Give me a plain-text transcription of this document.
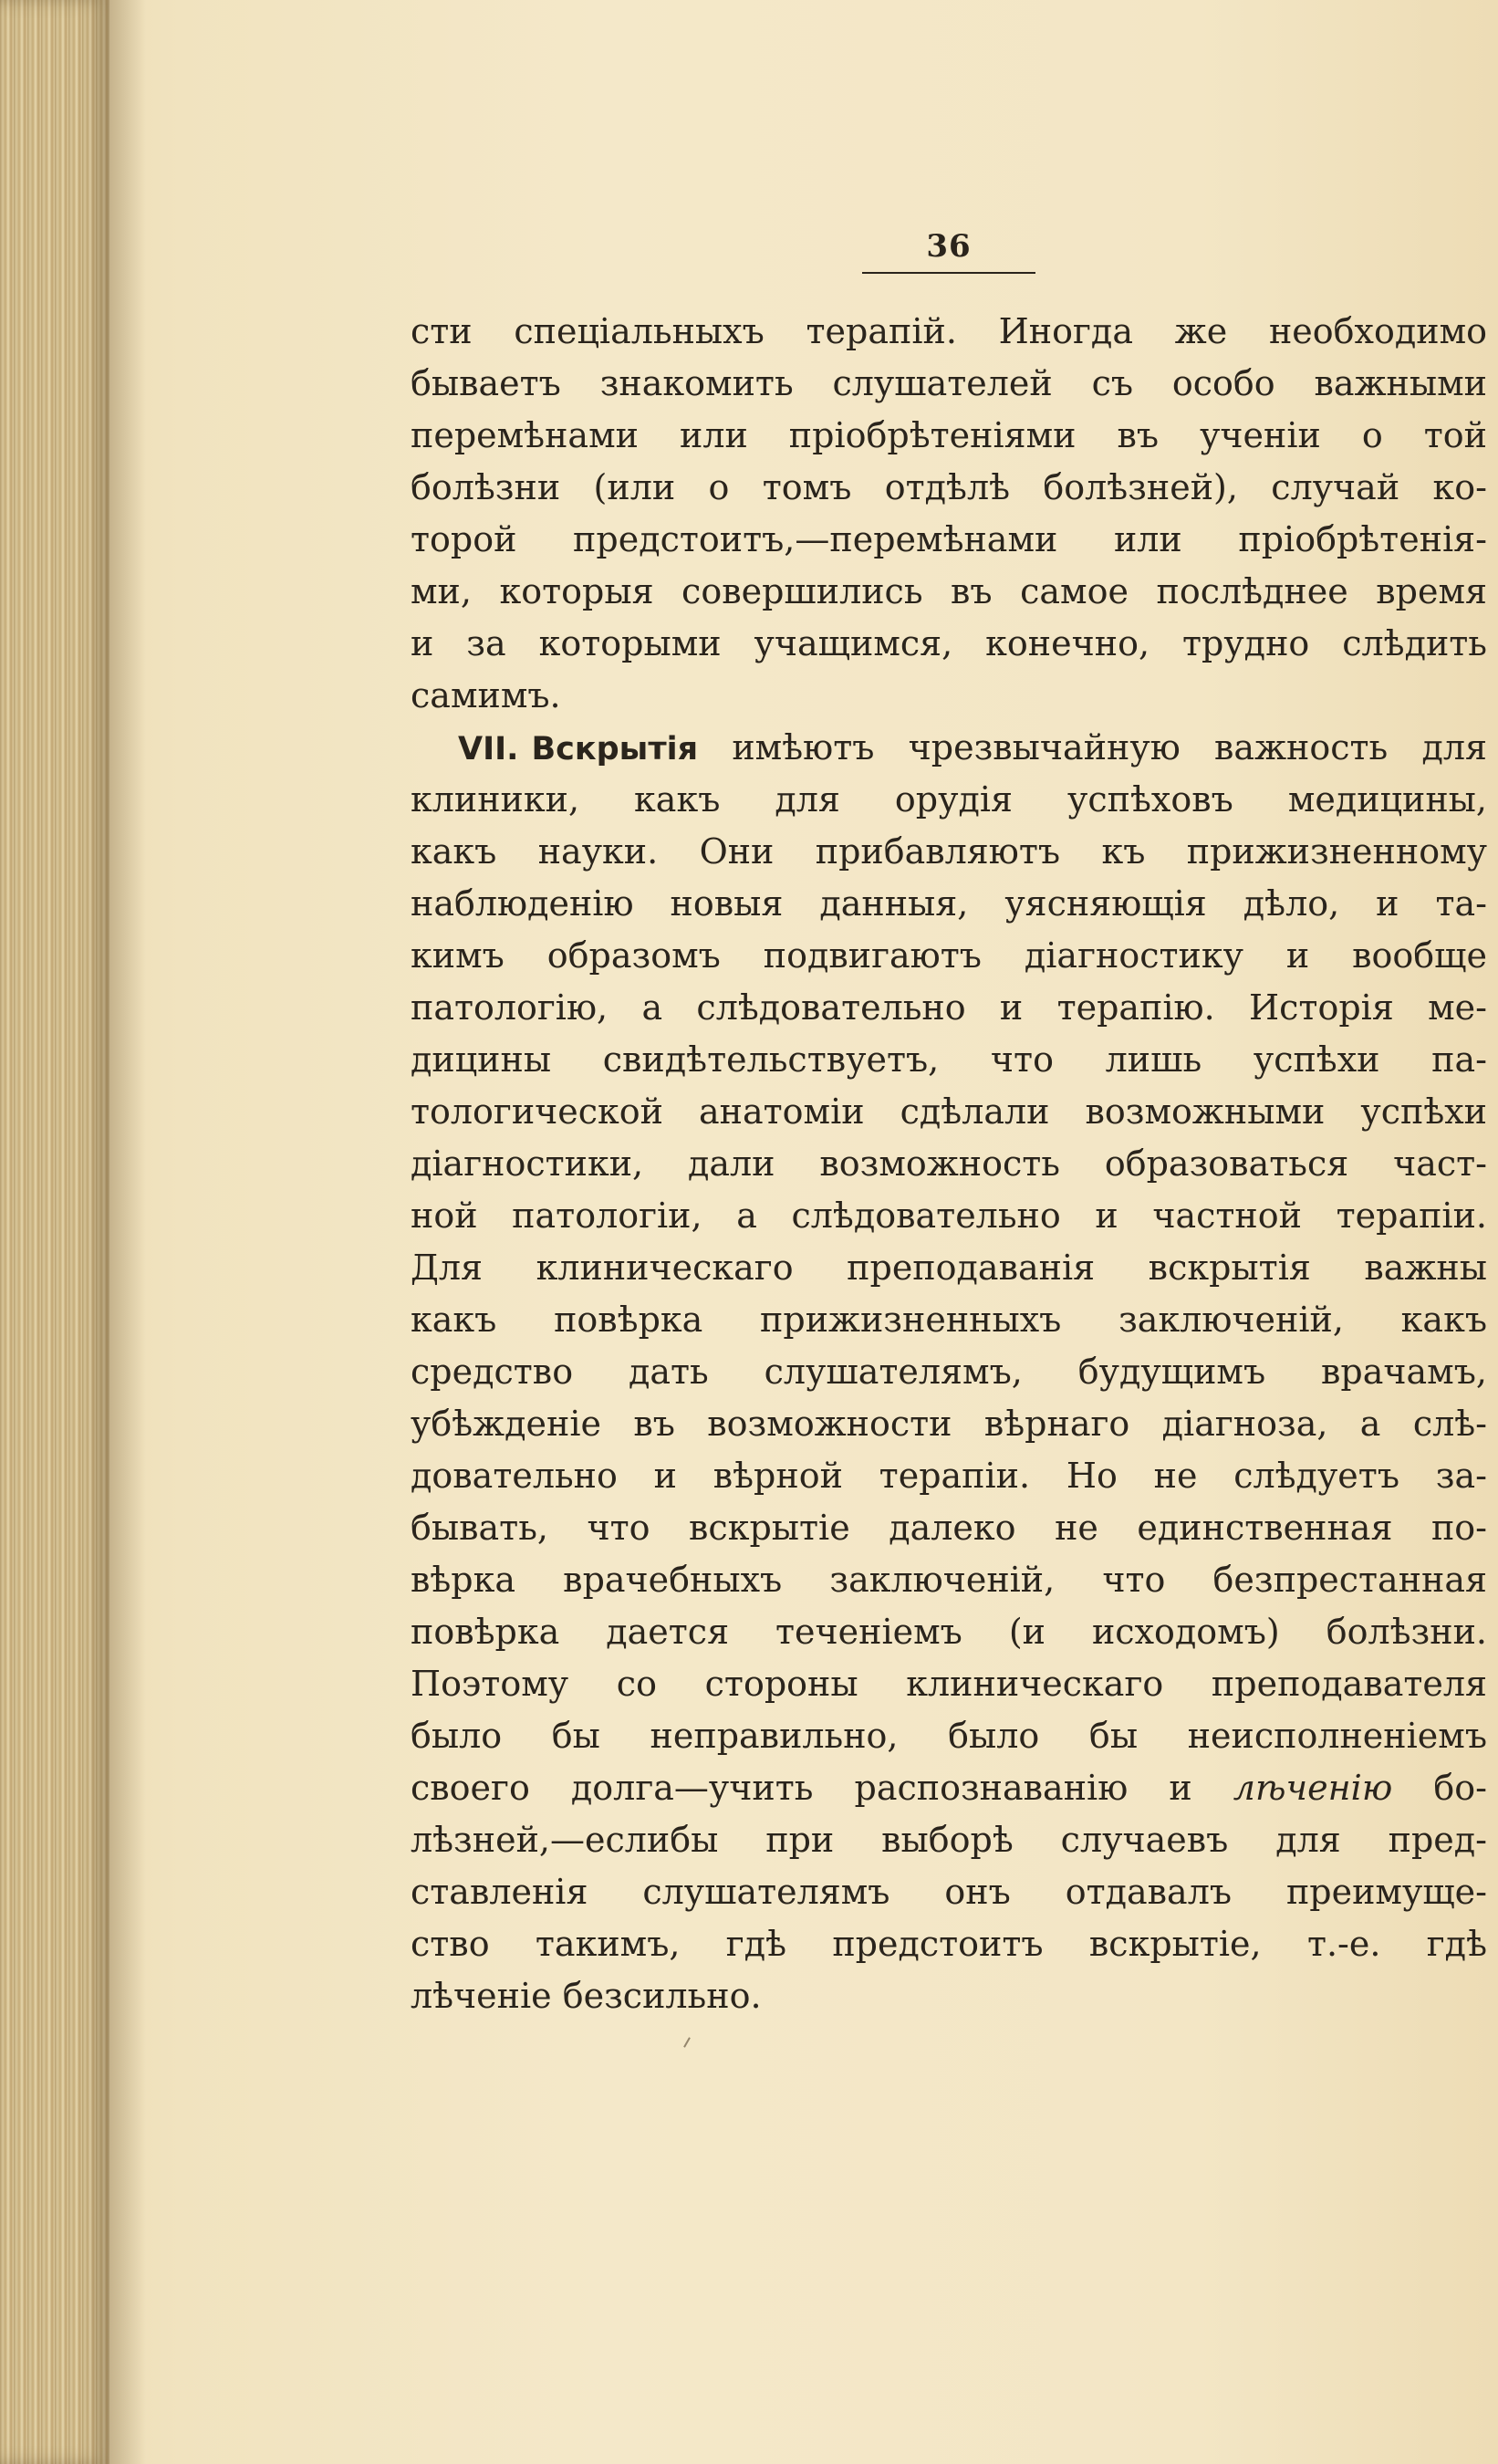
36
сти спеціальныхъ терапій. Иногда же необходимо
бываетъ знакомить слушателей съ особо важными
перемѣнами или пріобрѣтеніями въ ученіи о той
болѣзни (или о томъ отдѣлѣ болѣзней), случай ко-
торой предстоитъ,—перемѣнами или пріобрѣтенія-
ми, которыя совершились въ самое послѣднее время
и за которыми учащимся, конечно, трудно слѣдить
самимъ.
VII. Вскрытія имѣютъ чрезвычайную важность для
клиники, какъ для орудія успѣховъ медицины,
какъ науки. Они прибавляютъ къ прижизненному
наблюденію новыя данныя, уясняющія дѣло, и та-
кимъ образомъ подвигаютъ діагностику и вообще
патологію, а слѣдовательно и терапію. Исторія ме-
дицины свидѣтельствуетъ, что лишь успѣхи па-
тологической анатоміи сдѣлали возможными успѣхи
діагностики, дали возможность образоваться част-
ной патологіи, а слѣдовательно и частной терапіи.
Для клиническаго преподаванія вскрытія важны
какъ повѣрка прижизненныхъ заключеній, какъ
средство дать слушателямъ, будущимъ врачамъ,
убѣжденіе въ возможности вѣрнаго діагноза, а слѣ-
довательно и вѣрной терапіи. Но не слѣдуетъ за-
бывать, что вскрытіе далеко не единственная по-
вѣрка врачебныхъ заключеній, что безпрестанная
повѣрка дается теченіемъ (и исходомъ) болѣзни.
Поэтому со стороны клиническаго преподавателя
было бы неправильно, было бы неисполненіемъ
своего долга—учить распознаванію и лѣченію бо-
лѣзней,—еслибы при выборѣ случаевъ для пред-
ставленія слушателямъ онъ отдавалъ преимуще-
ство такимъ, гдѣ предстоитъ вскрытіе, т.-е. гдѣ
лѣченіе безсильно.
